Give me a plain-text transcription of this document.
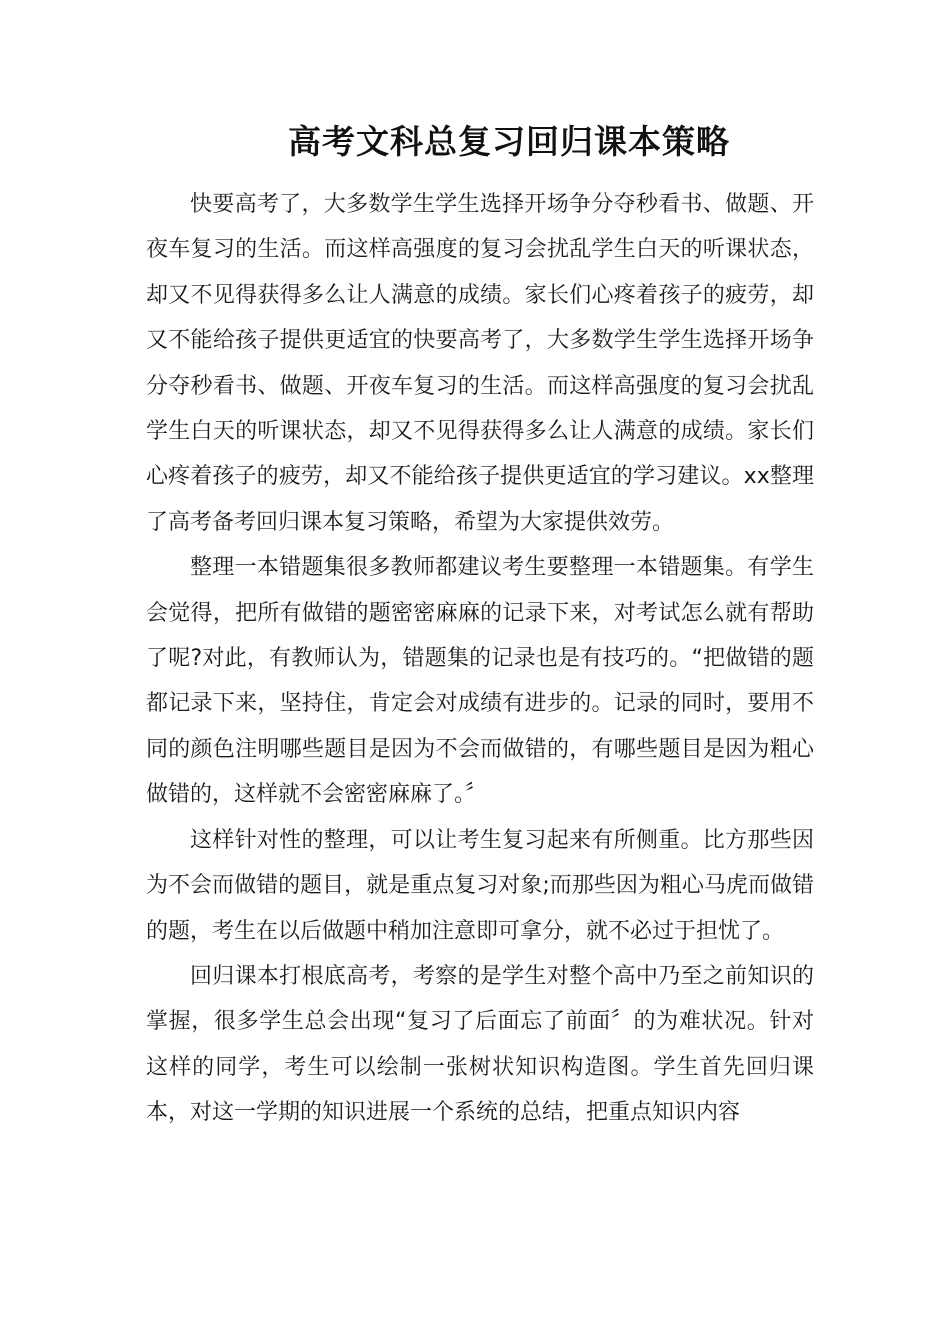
高考文科总复习回归课本策略

快要高考了，大多数学生学生选择开场争分夺秒看书、做题、开夜车复习的生活。而这样高强度的复习会扰乱学生白天的听课状态，却又不见得获得多么让人满意的成绩。家长们心疼着孩子的疲劳，却又不能给孩子提供更适宜的快要高考了，大多数学生学生选择开场争分夺秒看书、做题、开夜车复习的生活。而这样高强度的复习会扰乱学生白天的听课状态，却又不见得获得多么让人满意的成绩。家长们心疼着孩子的疲劳，却又不能给孩子提供更适宜的学习建议。xx整理了高考备考回归课本复习策略，希望为大家提供效劳。

整理一本错题集很多教师都建议考生要整理一本错题集。有学生会觉得，把所有做错的题密密麻麻的记录下来，对考试怎么就有帮助了呢?对此，有教师认为，错题集的记录也是有技巧的。“把做错的题都记录下来，坚持住，肯定会对成绩有进步的。记录的同时，要用不同的颜色注明哪些题目是因为不会而做错的，有哪些题目是因为粗心做错的，这样就不会密密麻麻了。〞

这样针对性的整理，可以让考生复习起来有所侧重。比方那些因为不会而做错的题目，就是重点复习对象;而那些因为粗心马虎而做错的题，考生在以后做题中稍加注意即可拿分，就不必过于担忧了。

回归课本打根底高考，考察的是学生对整个高中乃至之前知识的掌握，很多学生总会出现“复习了后面忘了前面〞的为难状况。针对这样的同学，考生可以绘制一张树状知识构造图。学生首先回归课本，对这一学期的知识进展一个系统的总结，把重点知识内容
